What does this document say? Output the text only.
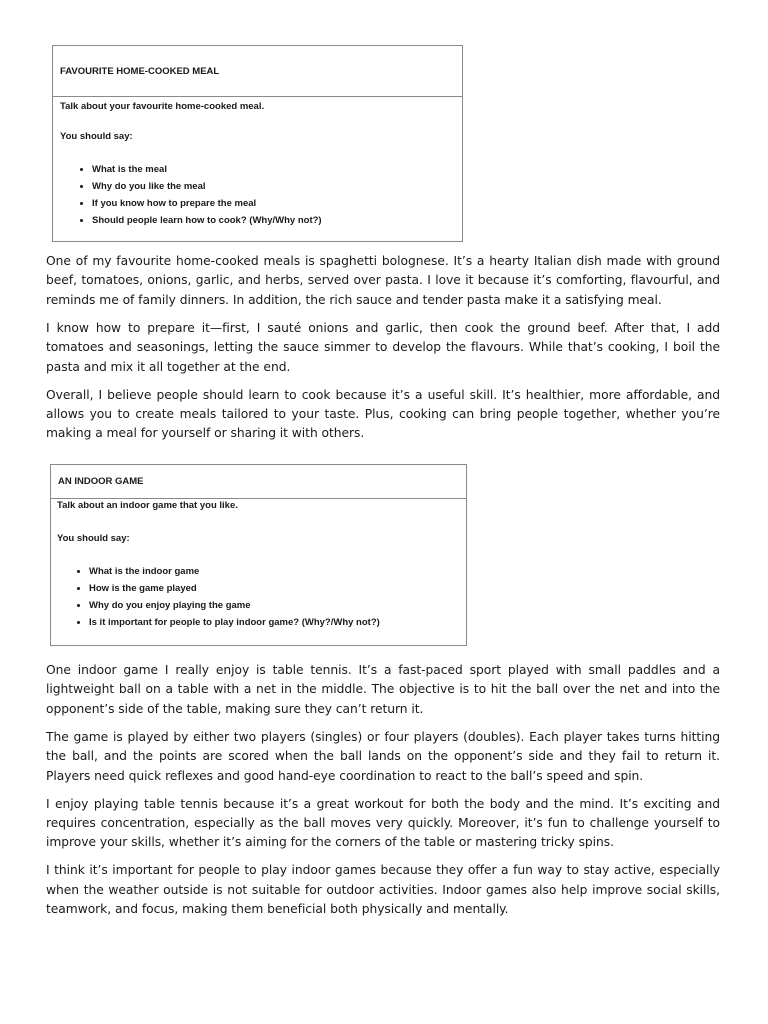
FAVOURITE HOME-COOKED MEAL

Talk about your favourite home-cooked meal.

You should say:

• What is the meal
• Why do you like the meal
• If you know how to prepare the meal
• Should people learn how to cook? (Why/Why not?)

One of my favourite home-cooked meals is spaghetti bolognese. It’s a hearty Italian dish made with ground beef, tomatoes, onions, garlic, and herbs, served over pasta. I love it because it’s comforting, flavourful, and reminds me of family dinners. In addition, the rich sauce and tender pasta make it a satisfying meal.

I know how to prepare it—first, I sauté onions and garlic, then cook the ground beef. After that, I add tomatoes and seasonings, letting the sauce simmer to develop the flavours. While that’s cooking, I boil the pasta and mix it all together at the end.

Overall, I believe people should learn to cook because it’s a useful skill. It’s healthier, more affordable, and allows you to create meals tailored to your taste. Plus, cooking can bring people together, whether you’re making a meal for yourself or sharing it with others.

AN INDOOR GAME

Talk about an indoor game that you like.

You should say:

• What is the indoor game
• How is the game played
• Why do you enjoy playing the game
• Is it important for people to play indoor game? (Why?/Why not?)

One indoor game I really enjoy is table tennis. It’s a fast-paced sport played with small paddles and a lightweight ball on a table with a net in the middle. The objective is to hit the ball over the net and into the opponent’s side of the table, making sure they can’t return it.

The game is played by either two players (singles) or four players (doubles). Each player takes turns hitting the ball, and the points are scored when the ball lands on the opponent’s side and they fail to return it. Players need quick reflexes and good hand-eye coordination to react to the ball’s speed and spin.

I enjoy playing table tennis because it’s a great workout for both the body and the mind. It’s exciting and requires concentration, especially as the ball moves very quickly. Moreover, it’s fun to challenge yourself to improve your skills, whether it’s aiming for the corners of the table or mastering tricky spins.

I think it’s important for people to play indoor games because they offer a fun way to stay active, especially when the weather outside is not suitable for outdoor activities. Indoor games also help improve social skills, teamwork, and focus, making them beneficial both physically and mentally.
